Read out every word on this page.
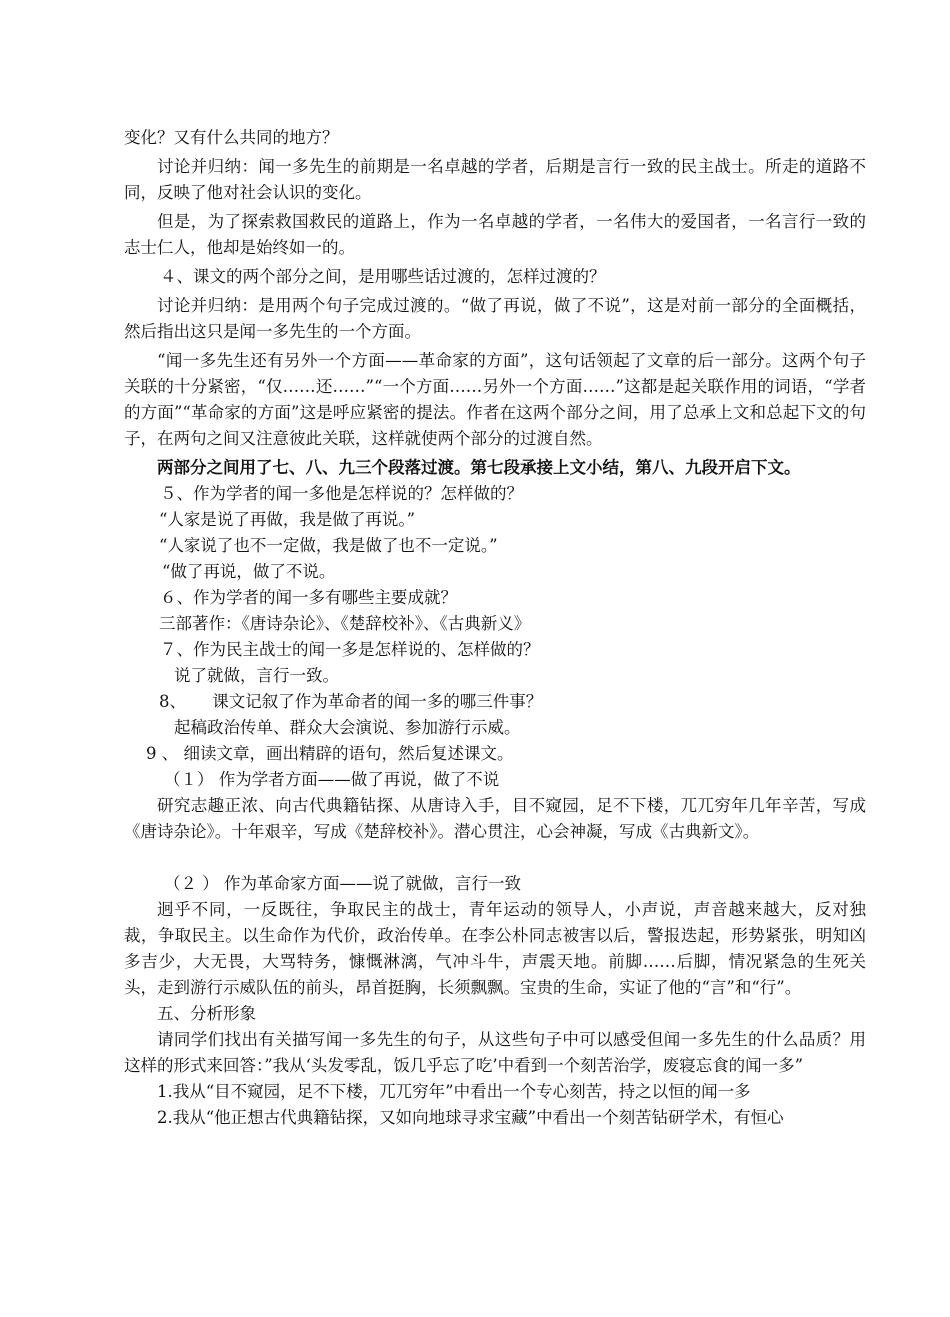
变化？又有什么共同的地方？

讨论并归纳：闻一多先生的前期是一名卓越的学者，后期是言行一致的民主战士。所走的道路不同，反映了他对社会认识的变化。

但是，为了探索救国救民的道路上，作为一名卓越的学者，一名伟大的爱国者，一名言行一致的志士仁人，他却是始终如一的。

４、课文的两个部分之间，是用哪些话过渡的，怎样过渡的？

讨论并归纳：是用两个句子完成过渡的。“做了再说，做了不说”，这是对前一部分的全面概括，然后指出这只是闻一多先生的一个方面。

“闻一多先生还有另外一个方面——革命家的方面”，这句话领起了文章的后一部分。这两个句子关联的十分紧密，“仅……还……”“一个方面……另外一个方面……”这都是起关联作用的词语，“学者的方面”“革命家的方面”这是呼应紧密的提法。作者在这两个部分之间，用了总承上文和总起下文的句子，在两句之间又注意彼此关联，这样就使两个部分的过渡自然。

两部分之间用了七、八、九三个段落过渡。第七段承接上文小结，第八、九段开启下文。

５、作为学者的闻一多他是怎样说的？怎样做的？

“人家是说了再做，我是做了再说。”

“人家说了也不一定做，我是做了也不一定说。”

“做了再说，做了不说。

６、作为学者的闻一多有哪些主要成就？

三部著作：《唐诗杂论》、《楚辞校补》、《古典新义》

７、作为民主战士的闻一多是怎样说的、怎样做的？

说了就做，言行一致。

8、     课文记叙了作为革命者的闻一多的哪三件事？

起稿政治传单、群众大会演说、参加游行示威。

9 、 细读文章，画出精辟的语句，然后复述课文。

（１） 作为学者方面——做了再说，做了不说

研究志趣正浓、向古代典籍钻探、从唐诗入手，目不窥园，足不下楼，兀兀穷年几年辛苦，写成《唐诗杂论》。十年艰辛，写成《楚辞校补》。潜心贯注，心会神凝，写成《古典新文》。

（２ ） 作为革命家方面——说了就做，言行一致

迥乎不同，一反既往，争取民主的战士，青年运动的领导人，小声说，声音越来越大，反对独裁，争取民主。以生命作为代价，政治传单。在李公朴同志被害以后，警报迭起，形势紧张，明知凶多吉少，大无畏，大骂特务，慷慨淋漓，气冲斗牛，声震天地。前脚……后脚，情况紧急的生死关头，走到游行示威队伍的前头，昂首挺胸，长须飘飘。宝贵的生命，实证了他的“言”和“行”。

五、分析形象

请同学们找出有关描写闻一多先生的句子，从这些句子中可以感受但闻一多先生的什么品质？用这样的形式来回答：”我从‘头发零乱，饭几乎忘了吃’中看到一个刻苦治学，废寝忘食的闻一多”

1.我从“目不窥园，足不下楼，兀兀穷年”中看出一个专心刻苦，持之以恒的闻一多

2.我从“他正想古代典籍钻探，又如向地球寻求宝藏”中看出一个刻苦钻研学术，有恒心
